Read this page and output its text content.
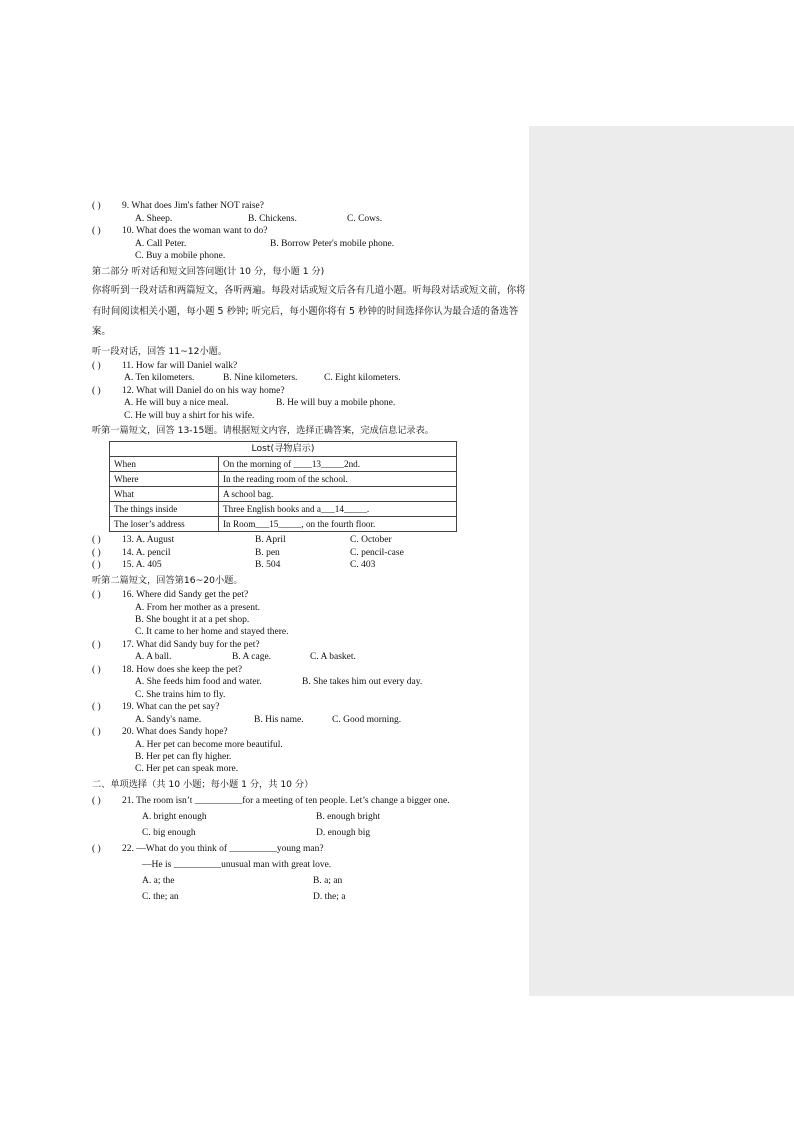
( ) 9. What does Jim's father NOT raise?
A. Sheep.	B. Chickens.	C. Cows.
( ) 10. What does the woman want to do?
A. Call Peter.	B. Borrow Peter's mobile phone.
C. Buy a mobile phone.
第二部分 听对话和短文回答问题(计 10 分，每小题 1 分)
你将听到一段对话和两篇短文，各听两遍。每段对话或短文后各有几道小题。听每段对话或短文前，你将有时间阅读相关小题，每小题 5 秒钟; 听完后，每小题你将有 5 秒钟的时间选择你认为最合适的备选答案。
听一段对话，回答 11~12小题。
( ) 11. How far will Daniel walk?
A. Ten kilometers.	B. Nine kilometers.	C. Eight kilometers.
( ) 12. What will Daniel do on his way home?
A. He will buy a nice meal.	B. He will buy a mobile phone.
C. He will buy a shirt for his wife.
听第一篇短文，回答 13-15题。请根据短文内容，选择正确答案，完成信息记录表。
Lost(寻物启示)	
When	On the morning of ____13_____2nd.
Where	In the reading room of the school.
What	A school bag.
The things inside	Three English books and a___14_____.
The loser’s address	In Room___15_____, on the fourth floor.
( ) 13. A. August	B. April	C. October
( ) 14. A. pencil	B. pen	C. pencil-case
( ) 15. A. 405	B. 504	C. 403
听第二篇短文，回答第16~20小题。
( ) 16. Where did Sandy get the pet?
A. From her mother as a present.
B. She bought it at a pet shop.
C. It came to her home and stayed there.
( ) 17. What did Sandy buy for the pet?
A. A ball.	B. A cage.	C. A basket.
( ) 18. How does she keep the pet?
A. She feeds him food and water.	B. She takes him out every day.
C. She trains him to fly.
( ) 19. What can the pet say?
A. Sandy's name.	B. His name.	C. Good morning.
( ) 20. What does Sandy hope?
A. Her pet can become more beautiful.
B. Her pet can fly higher.
C. Her pet can speak more.
二、单项选择（共 10 小题；每小题 1 分，共 10 分）
( ) 21. The room isn’t __________for a meeting of ten people. Let’s change a bigger one.
A. bright enough	B. enough bright
C. big enough	D. enough big
( ) 22. —What do you think of __________young man?
—He is __________unusual man with great love.
A. a; the	B. a; an
C. the; an	D. the; a
